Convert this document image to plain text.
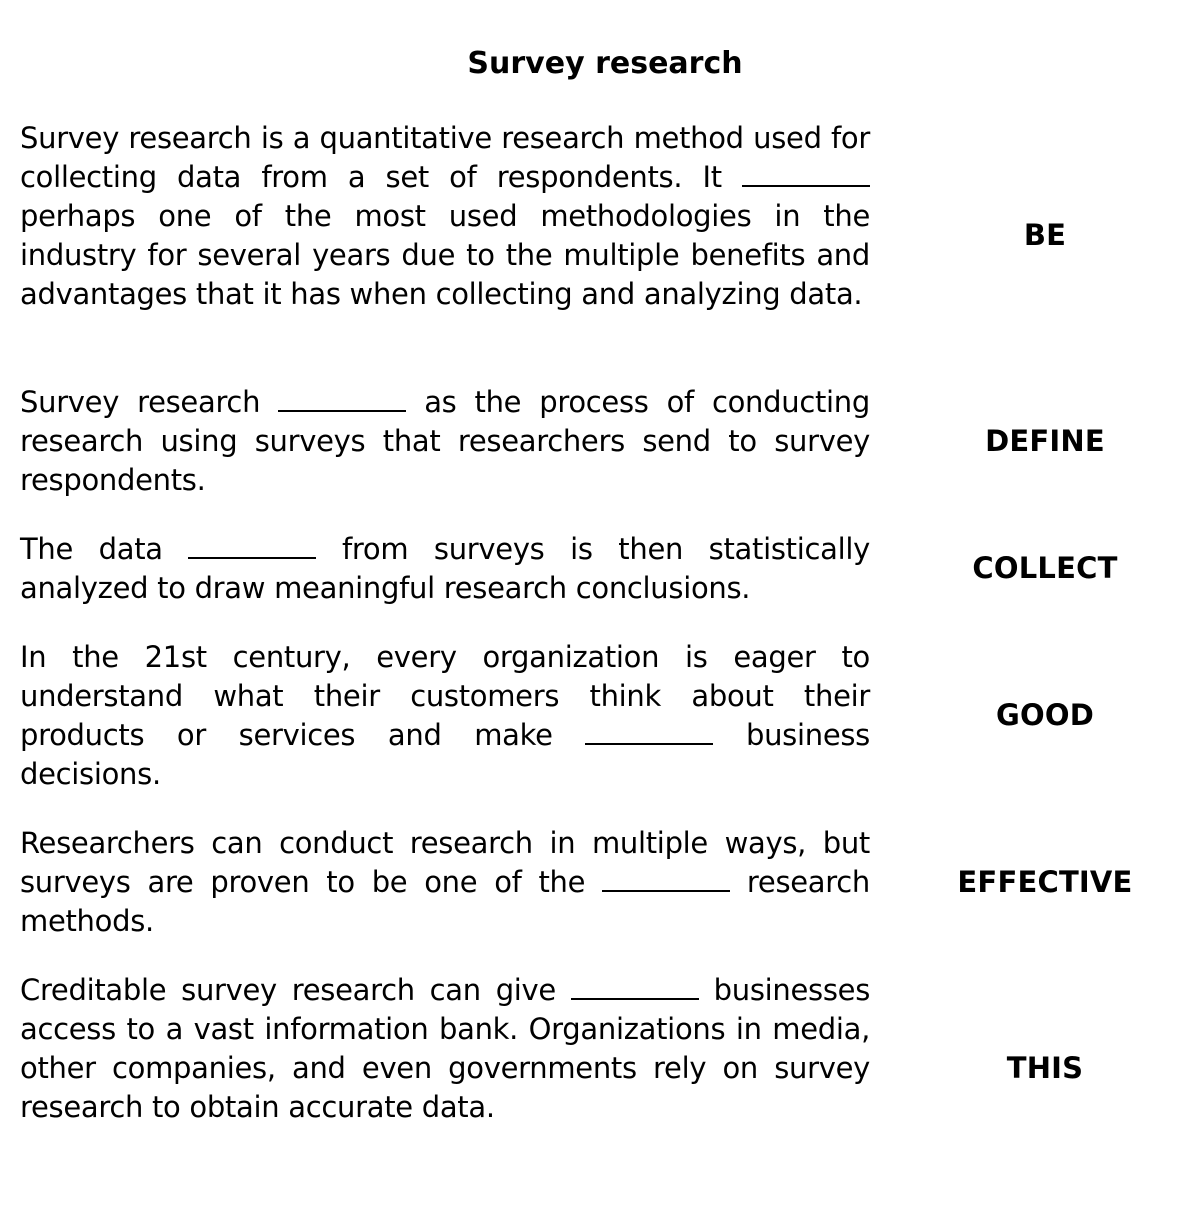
Survey research

Survey research is a quantitative research method used for collecting data from a set of respondents. It  perhaps one of the most used methodologies in the industry for several years due to the multiple benefits and advantages that it has when collecting and analyzing data.

BE

Survey research	as the process of conducting research using surveys that researchers send to survey respondents.

DEFINE

The data	from surveys is then statistically analyzed to draw meaningful research conclusions.

COLLECT

In the 21st century, every organization is eager to understand what their customers think about their products or services and make	business decisions.

GOOD

Researchers can conduct research in multiple ways, but surveys are proven to be one of the	research methods.

EFFECTIVE

Creditable survey research can give	businesses access to a vast information bank. Organizations in media, other companies, and even governments rely on survey research to obtain accurate data.

THIS
